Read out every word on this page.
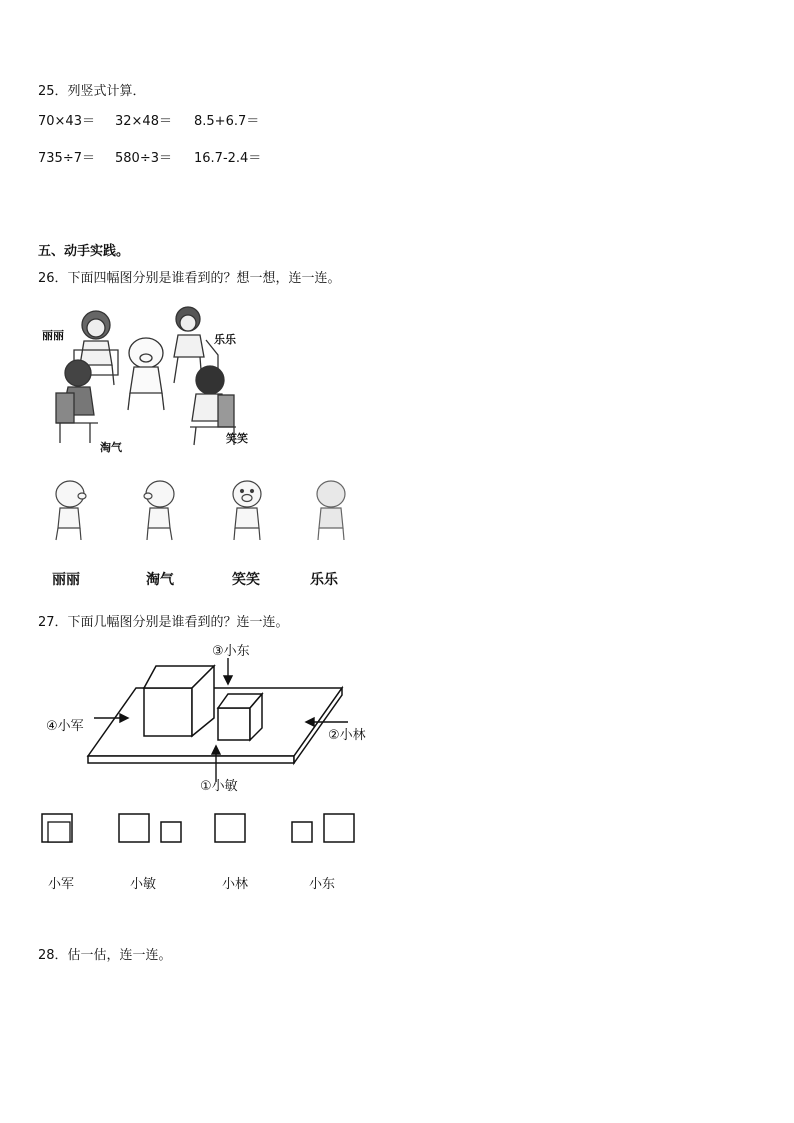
25．列竖式计算．
70×43＝ 32×48＝ 8.5+6.7＝
735÷7＝ 580÷3＝ 16.7-2.4＝
五、动手实践。
26．下面四幅图分别是谁看到的？想一想，连一连。
丽丽	乐乐
淘气
笑笑
丽丽	淘气	笑笑	乐乐
27．下面几幅图分别是谁看到的？连一连。
③小东
④小军
②小林
①小敏
小军	小敏	小林	小东
28．估一估，连一连。
